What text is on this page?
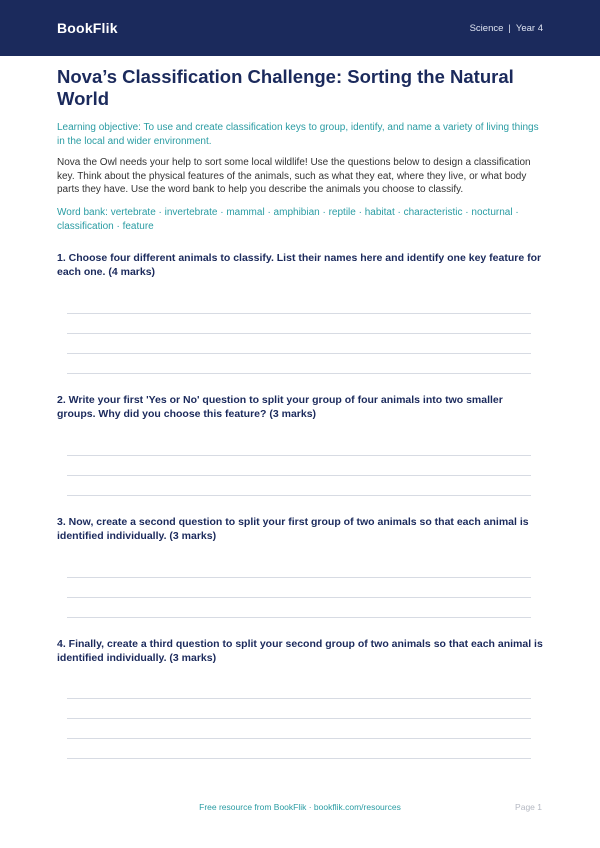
BookFlik	Science | Year 4
Nova’s Classification Challenge: Sorting the Natural World

Learning objective: To use and create classification keys to group, identify, and name a variety of living things in the local and wider environment.

Nova the Owl needs your help to sort some local wildlife! Use the questions below to design a classification key. Think about the physical features of the animals, such as what they eat, where they live, or what body parts they have. Use the word bank to help you describe the animals you choose to classify.

Word bank: vertebrate · invertebrate · mammal · amphibian · reptile · habitat · characteristic · nocturnal · classification · feature

1. Choose four different animals to classify. List their names here and identify one key feature for each one. (4 marks)

2. Write your first 'Yes or No' question to split your group of four animals into two smaller groups. Why did you choose this feature? (3 marks)

3. Now, create a second question to split your first group of two animals so that each animal is identified individually. (3 marks)

4. Finally, create a third question to split your second group of two animals so that each animal is identified individually. (3 marks)

Free resource from BookFlik · bookflik.com/resources	Page 1
